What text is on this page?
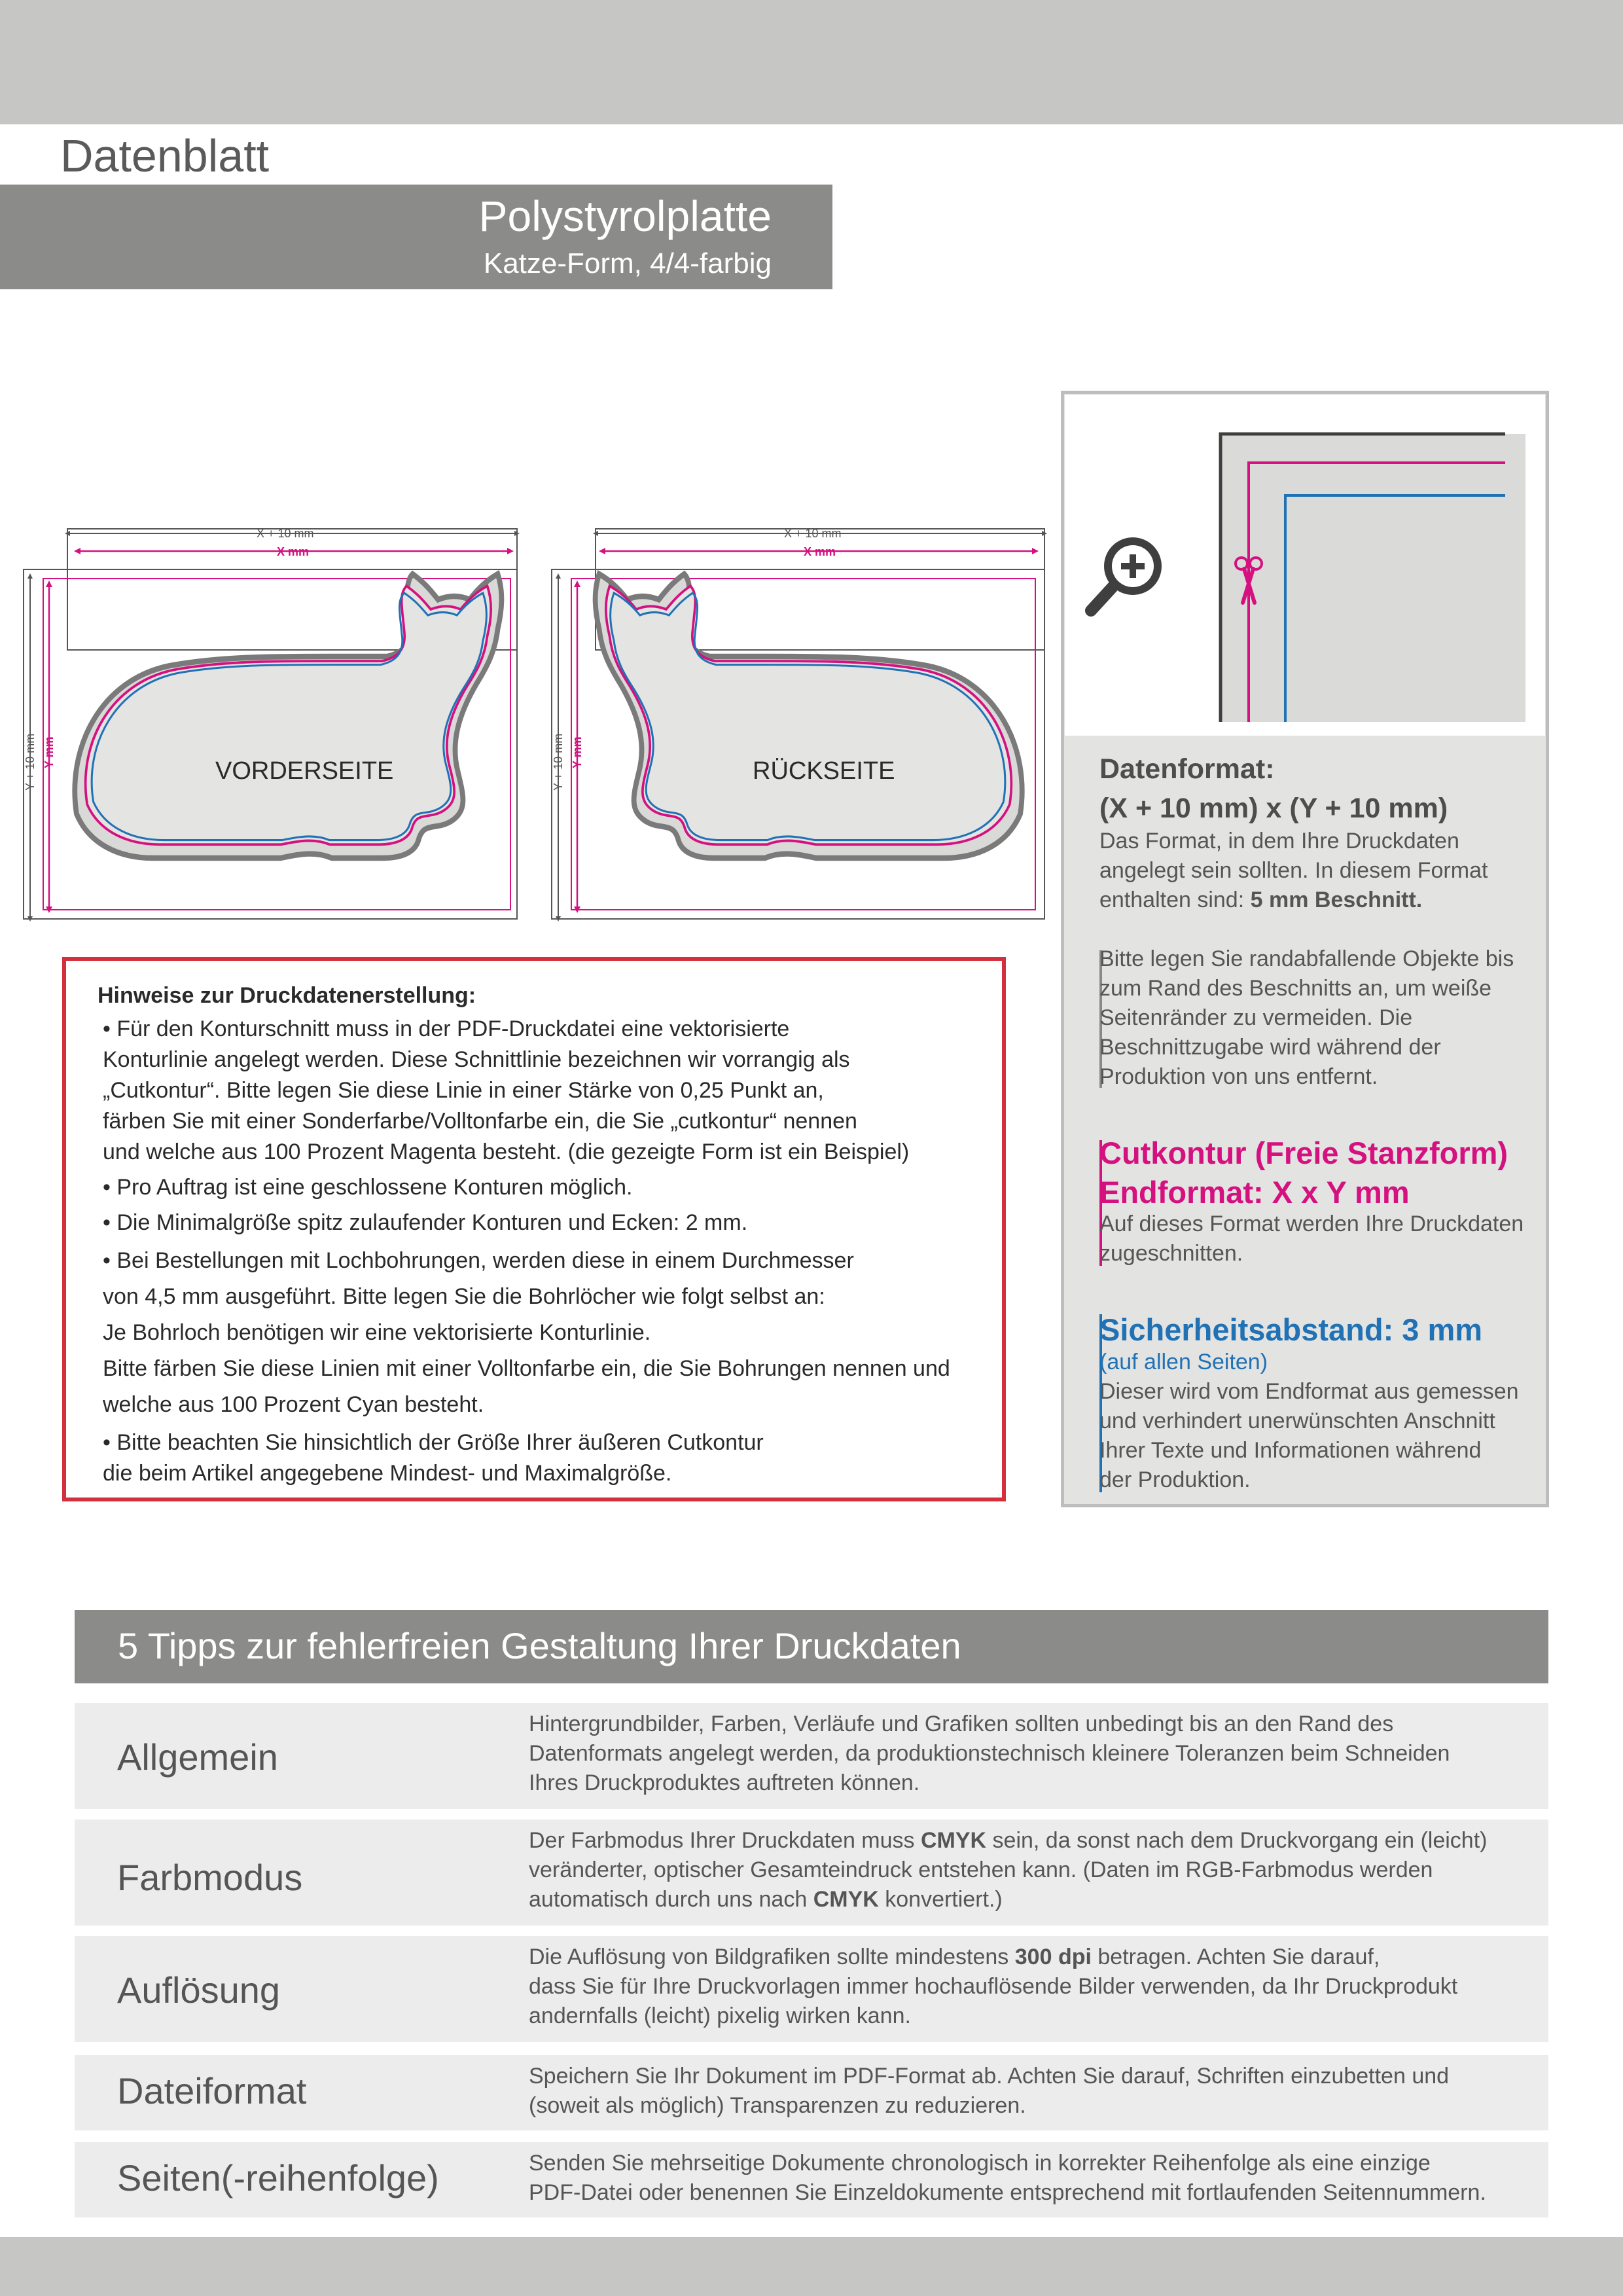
Datenblatt
Polystyrolplatte
Katze-Form, 4/4-farbig
X + 10 mm
X mm
Y + 10 mm Y mm
VORDERSEITE
X + 10 mm
X mm
Y + 10 mm Y mm
RÜCKSEITE
Hinweise zur Druckdatenerstellung:
• Für den Konturschnitt muss in der PDF-Druckdatei eine vektorisierte
Konturlinie angelegt werden. Diese Schnittlinie bezeichnen wir vorrangig als
„Cutkontur“. Bitte legen Sie diese Linie in einer Stärke von 0,25 Punkt an,
färben Sie mit einer Sonderfarbe/Volltonfarbe ein, die Sie „cutkontur“ nennen
und welche aus 100 Prozent Magenta besteht. (die gezeigte Form ist ein Beispiel)
• Pro Auftrag ist eine geschlossene Konturen möglich.
• Die Minimalgröße spitz zulaufender Konturen und Ecken: 2 mm.
• Bei Bestellungen mit Lochbohrungen, werden diese in einem Durchmesser
von 4,5 mm ausgeführt. Bitte legen Sie die Bohrlöcher wie folgt selbst an:
Je Bohrloch benötigen wir eine vektorisierte Konturlinie.
Bitte färben Sie diese Linien mit einer Volltonfarbe ein, die Sie Bohrungen nennen und
welche aus 100 Prozent Cyan besteht.
• Bitte beachten Sie hinsichtlich der Größe Ihrer äußeren Cutkontur
die beim Artikel angegebene Mindest- und Maximalgröße.
Datenformat:
(X + 10 mm) x (Y + 10 mm)
Das Format, in dem Ihre Druckdaten
angelegt sein sollten. In diesem Format
enthalten sind: 5 mm Beschnitt.
Bitte legen Sie randabfallende Objekte bis
zum Rand des Beschnitts an, um weiße
Seitenränder zu vermeiden. Die
Beschnittzugabe wird während der
Produktion von uns entfernt.
Cutkontur (Freie Stanzform)
Endformat: X x Y mm
Auf dieses Format werden Ihre Druckdaten
zugeschnitten.
Sicherheitsabstand: 3 mm
(auf allen Seiten)
Dieser wird vom Endformat aus gemessen
und verhindert unerwünschten Anschnitt
Ihrer Texte und Informationen während
der Produktion.
5 Tipps zur fehlerfreien Gestaltung Ihrer Druckdaten
Allgemein
Hintergrundbilder, Farben, Verläufe und Grafiken sollten unbedingt bis an den Rand des
Datenformats angelegt werden, da produktionstechnisch kleinere Toleranzen beim Schneiden
Ihres Druckproduktes auftreten können.
Farbmodus
Der Farbmodus Ihrer Druckdaten muss CMYK sein, da sonst nach dem Druckvorgang ein (leicht)
veränderter, optischer Gesamteindruck entstehen kann. (Daten im RGB-Farbmodus werden
automatisch durch uns nach CMYK konvertiert.)
Auflösung
Die Auflösung von Bildgrafiken sollte mindestens 300 dpi betragen. Achten Sie darauf,
dass Sie für Ihre Druckvorlagen immer hochauflösende Bilder verwenden, da Ihr Druckprodukt
andernfalls (leicht) pixelig wirken kann.
Dateiformat	Speichern Sie Ihr Dokument im PDF-Format ab. Achten Sie darauf, Schriften einzubetten und
(soweit als möglich) Transparenzen zu reduzieren.
Seiten(-reihenfolge)	Senden Sie mehrseitige Dokumente chronologisch in korrekter Reihenfolge als eine einzige
PDF-Datei oder benennen Sie Einzeldokumente entsprechend mit fortlaufenden Seitennummern.
